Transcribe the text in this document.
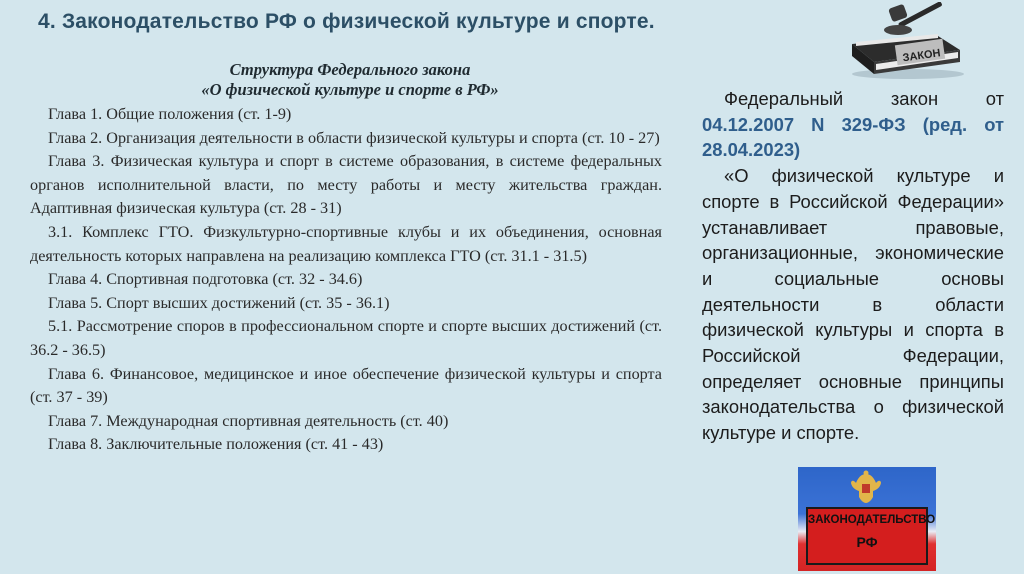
4. Законодательство РФ о физической культуре и спорте.
Структура Федерального закона
«О физической культуре и спорте в РФ»

Глава 1. Общие положения (ст. 1-9)

Глава 2. Организация деятельности в области физической культуры и спорта (ст. 10 - 27)

Глава 3. Физическая культура и спорт в системе образования, в системе федеральных органов исполнительной власти, по месту работы и месту жительства граждан. Адаптивная физическая культура (ст. 28 - 31)

3.1. Комплекс ГТО. Физкультурно-спортивные клубы и их объединения, основная деятельность которых направлена на реализацию комплекса ГТО (ст. 31.1 - 31.5)

Глава 4. Спортивная подготовка (ст. 32 - 34.6)

Глава 5. Спорт высших достижений (ст. 35 - 36.1)

5.1. Рассмотрение споров в профессиональном спорте и спорте высших достижений (ст. 36.2 - 36.5)

Глава 6. Финансовое, медицинское и иное обеспечение физической культуры и спорта (ст. 37 - 39)

Глава 7. Международная спортивная деятельность (ст. 40)

Глава 8. Заключительные положения (ст. 41 - 43)

Федеральный закон от 04.12.2007 N 329-ФЗ (ред. от 28.04.2023)

«О физической культуре и спорте в Российской Федерации» устанавливает правовые, организационные, экономические и социальные основы деятельности в области физической культуры и спорта в Российской Федерации, определяет основные принципы законодательства о физической культуре и спорте.

ЗАКОН
ЗАКОНОДАТЕЛЬСТВО
РФ
